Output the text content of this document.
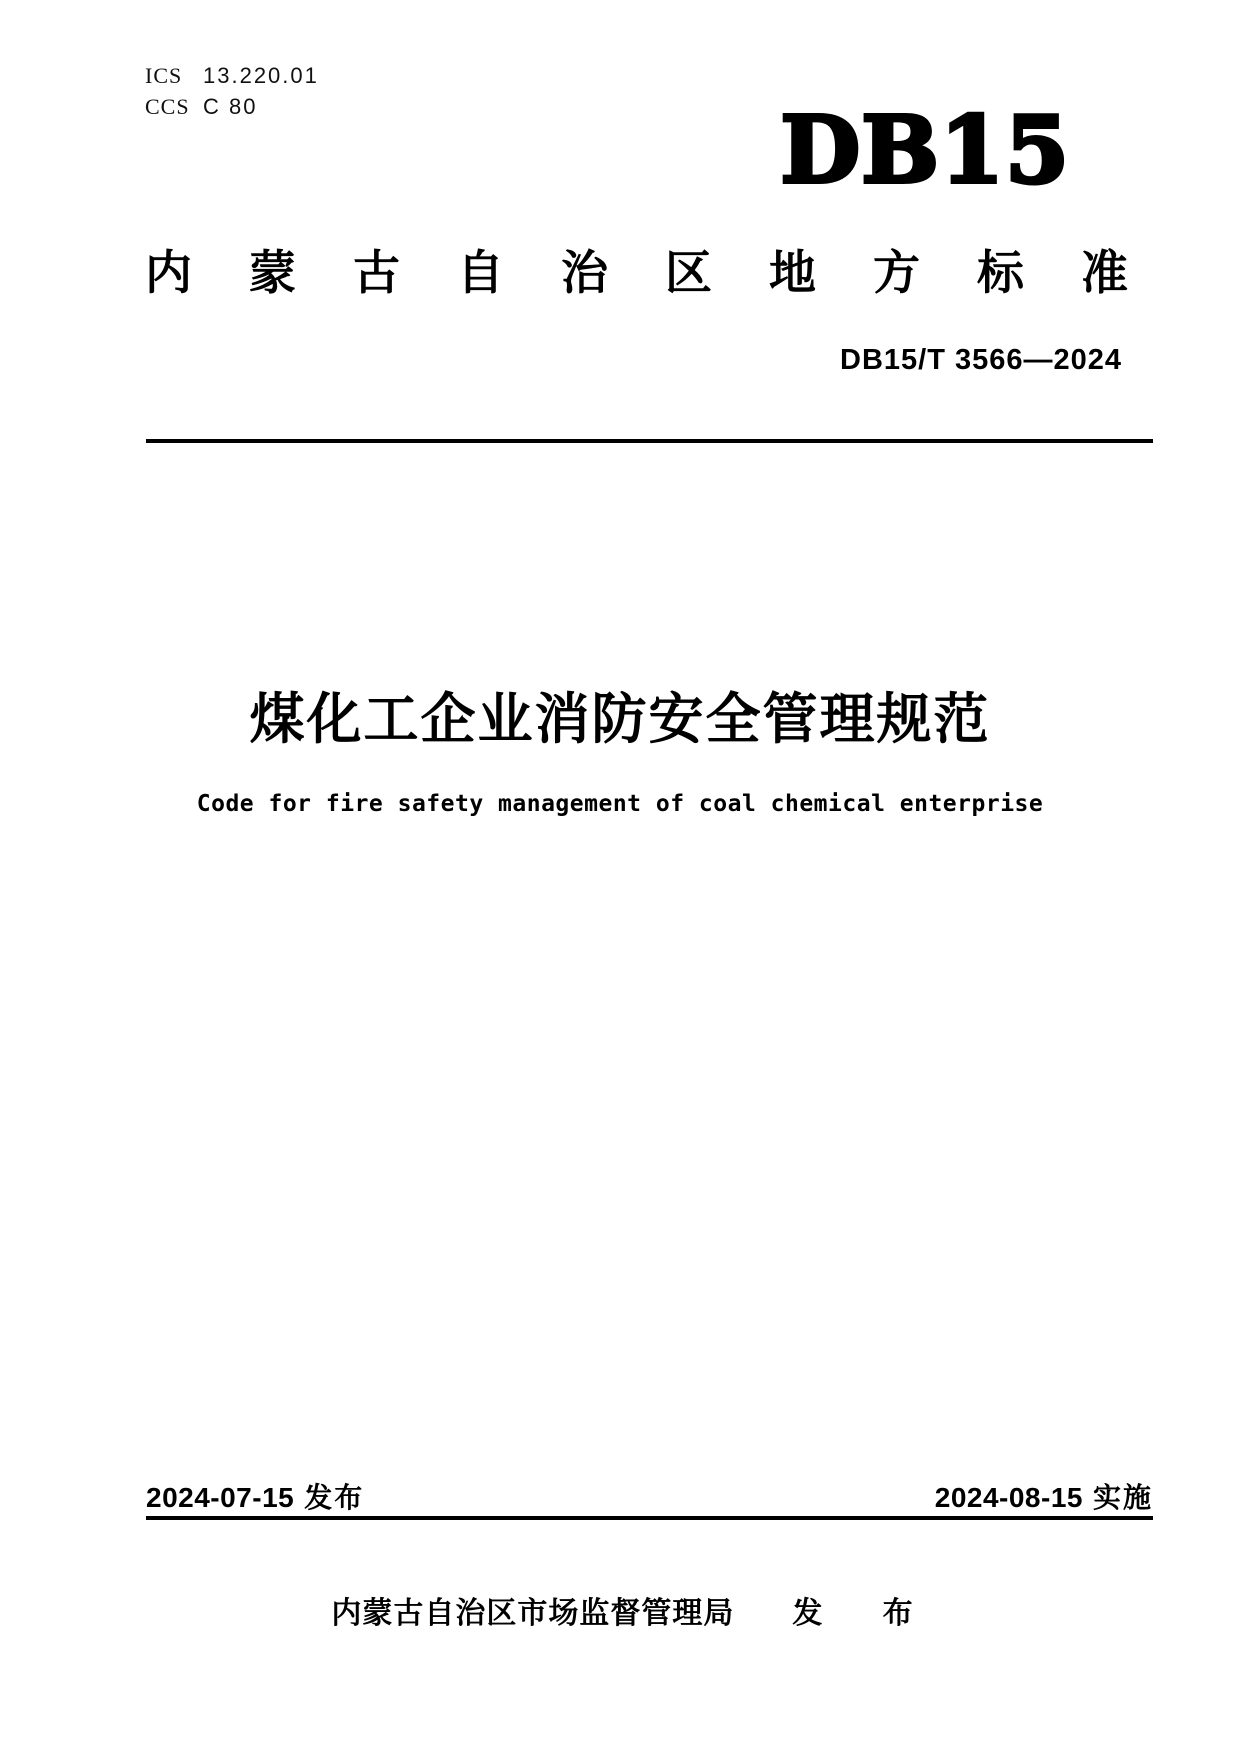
ICS 13.220.01
CCS C 80	DB15
内 蒙 古 自 治 区 地 方 标 准
DB15/T 3566—2024
煤化工企业消防安全管理规范
Code for fire safety management of coal chemical enterprise
2024-07-15 发布	2024-08-15 实施
内蒙古自治区市场监督管理局 发 布
